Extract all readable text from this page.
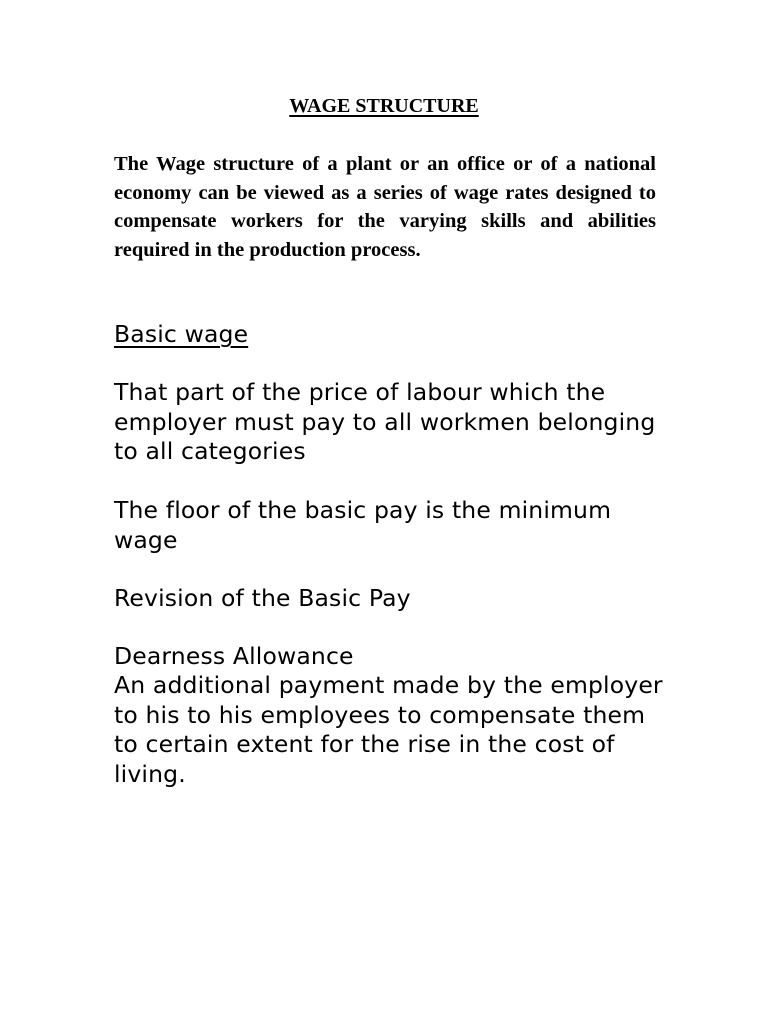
WAGE STRUCTURE

The Wage structure of a plant or an office or of a national economy can be viewed as a series of wage rates designed to compensate workers for the varying skills and abilities required in the production process.

Basic wage

That part of the price of labour which the employer must pay to all workmen belonging to all categories

The floor of the basic pay is the minimum wage

Revision of the Basic Pay

Dearness Allowance

An additional payment made by the employer to his to his employees to compensate them to certain extent for the rise in the cost of living.
